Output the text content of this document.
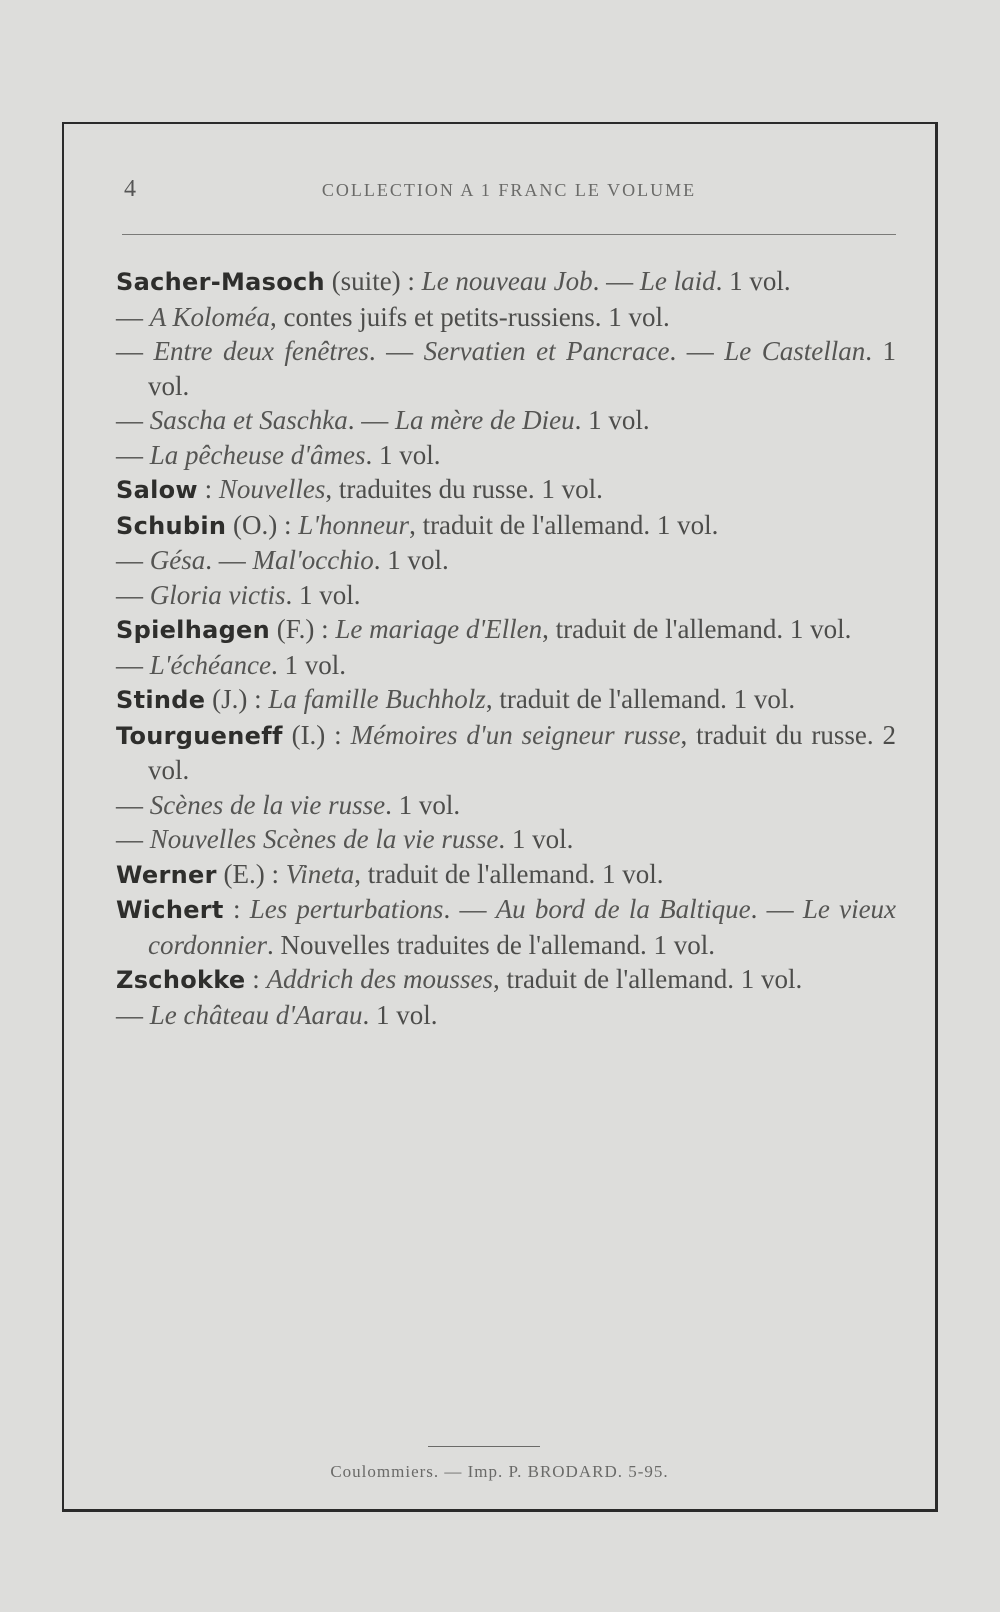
4	COLLECTION A 1 FRANC LE VOLUME

Sacher-Masoch (suite) : Le nouveau Job. — Le laid. 1 vol.

— A Koloméa, contes juifs et petits-russiens. 1 vol.

— Entre deux fenêtres. — Servatien et Pancrace. — Le Castellan. 1 vol.

— Sascha et Saschka. — La mère de Dieu. 1 vol.

— La pêcheuse d'âmes. 1 vol.

Salow : Nouvelles, traduites du russe. 1 vol.

Schubin (O.) : L'honneur, traduit de l'allemand. 1 vol.

— Gésa. — Mal'occhio. 1 vol.

— Gloria victis. 1 vol.

Spielhagen (F.) : Le mariage d'Ellen, traduit de l'allemand. 1 vol.

— L'échéance. 1 vol.

Stinde (J.) : La famille Buchholz, traduit de l'allemand. 1 vol.

Tourgueneff (I.) : Mémoires d'un seigneur russe, traduit du russe. 2 vol.

— Scènes de la vie russe. 1 vol.

— Nouvelles Scènes de la vie russe. 1 vol.

Werner (E.) : Vineta, traduit de l'allemand. 1 vol.

Wichert : Les perturbations. — Au bord de la Baltique. — Le vieux cordonnier. Nouvelles traduites de l'allemand. 1 vol.

Zschokke : Addrich des mousses, traduit de l'allemand. 1 vol.

— Le château d'Aarau. 1 vol.

Coulommiers. — Imp. P. BRODARD. 5-95.
